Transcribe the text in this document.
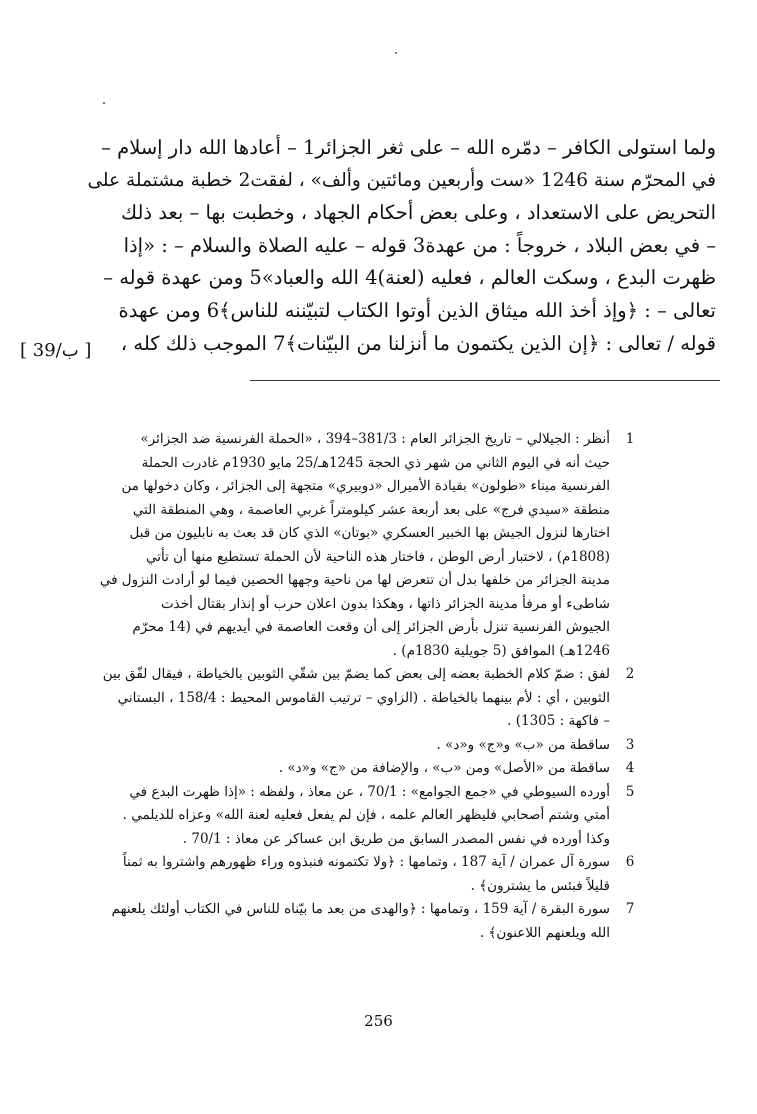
ولما استولى الكافر – دمّره الله – على ثغر الجزائر1 – أعادها الله دار إسلام –
في المحرّم سنة 1246 «ست وأربعين ومائتين وألف» ، لفقت2 خطبة مشتملة على
التحريض على الاستعداد ، وعلى بعض أحكام الجهاد ، وخطبت بها – بعد ذلك
– في بعض البلاد ، خروجاً : من عهدة3 قوله – عليه الصلاة والسلام – : «إذا
ظهرت البدع ، وسكت العالم ، فعليه (لعنة)4 الله والعباد»5 ومن عهدة قوله –
تعالى – : ﴿وإذ أخذ الله ميثاق الذين أوتوا الكتاب لتبيّننه للناس﴾6 ومن عهدة
قوله / تعالى : ﴿إن الذين يكتمون ما أنزلنا من البيّنات﴾7 الموجب ذلك كله ،
[ 39/ب ]
1
أنظر : الجيلالي – تاريخ الجزائر العام : 381/3–394 ، «الحملة الفرنسية ضد الجزائر»
حيث أنه في اليوم الثاني من شهر ذي الحجة 1245هـ/25 مايو 1930م غادرت الحملة
الفرنسية ميناء «طولون» بقيادة الأميرال «دوبيري» متجهة إلى الجزائر ، وكان دخولها من
منطقة «سيدي فرج» على بعد أربعة عشر كيلومتراً غربي العاصمة ، وهي المنطقة التي
اختارها لنزول الجيش بها الخبير العسكري «بوتان» الذي كان قد بعث به نابليون من قبل
(1808م) ، لاختبار أرض الوطن ، فاختار هذه الناحية لأن الحملة تستطيع منها أن تأتي
مدينة الجزائر من خلفها بدل أن تتعرض لها من ناحية وجهها الحصين فيما لو أرادت النزول في
شاطىء أو مرفأ مدينة الجزائر ذاتها ، وهكذا بدون اعلان حرب أو إنذار بقتال أخذت
الجيوش الفرنسية تنزل بأرض الجزائر إلى أن وقعت العاصمة في أيديهم في (14 محرّم
1246هـ) الموافق (5 جويلية 1830م) .
2
لفق : ضمّ كلام الخطبة بعضه إلى بعض كما يضمّ بين شقّي الثوبين بالخياطة ، فيقال لفّق بين
الثوبين ، أي : لأم بينهما بالخياطة . (الزاوي – ترتيب القاموس المحيط : 158/4 ، البستاني
– فاكهة : 1305) .
3
ساقطة من «ب» و«ج» و«د» .
4
ساقطة من «الأصل» ومن «ب» ، والإضافة من «ج» و«د» .
5
أورده السيوطي في «جمع الجوامع» : 70/1 ، عن معاذ ، ولفظه : «إذا ظهرت البدع في
أمتي وشتم أصحابي فليظهر العالم علمه ، فإن لم يفعل فعليه لعنة الله» وعزاه للديلمي .
وكذا أورده في نفس المصدر السابق من طريق ابن عساكر عن معاذ : 70/1 .
6
سورة آل عمران / آية 187 ، وتمامها : ﴿ولا تكتمونه فنبذوه وراء ظهورهم واشتروا به ثمناً
قليلاً فبئس ما يشترون﴾ .
7
سورة البقرة / آية 159 ، وتمامها : ﴿والهدى من بعد ما بيّناه للناس في الكتاب أولئك يلعنهم
الله ويلعنهم اللاعنون﴾ .
256
